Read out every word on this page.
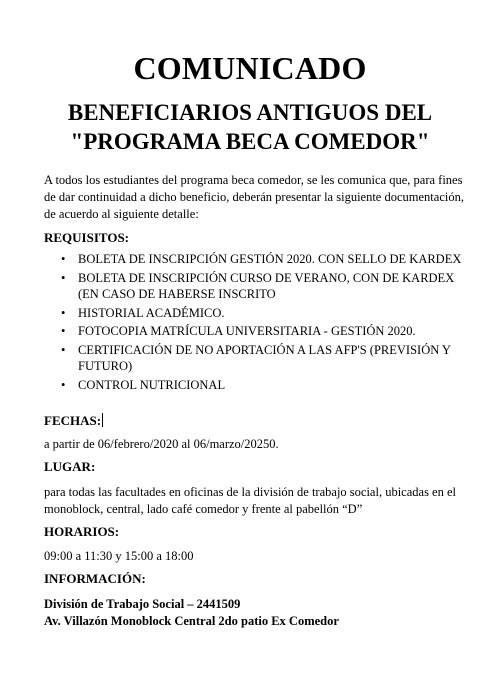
COMUNICADO
BENEFICIARIOS ANTIGUOS DEL
"PROGRAMA BECA COMEDOR"
A todos los estudiantes del programa beca comedor, se les comunica que, para fines de dar continuidad a dicho beneficio, deberán presentar la siguiente documentación, de acuerdo al siguiente detalle:
REQUISITOS:
• BOLETA DE INSCRIPCIÓN GESTIÓN 2020. CON SELLO DE KARDEX
• BOLETA DE INSCRIPCIÓN CURSO DE VERANO, CON DE KARDEX (EN CASO DE HABERSE INSCRITO
• HISTORIAL ACADÉMICO.
• FOTOCOPIA MATRÍCULA UNIVERSITARIA - GESTIÓN 2020.
• CERTIFICACIÓN DE NO APORTACIÓN A LAS AFP'S (PREVISIÓN Y FUTURO)
• CONTROL NUTRICIONAL
FECHAS:
a partir de 06/febrero/2020 al 06/marzo/20250.
LUGAR:
para todas las facultades en oficinas de la división de trabajo social, ubicadas en el monoblock, central, lado café comedor y frente al pabellón “D”
HORARIOS:
09:00 a 11:30 y 15:00 a 18:00
INFORMACIÓN:
División de Trabajo Social – 2441509
Av. Villazón Monoblock Central 2do patio Ex Comedor
